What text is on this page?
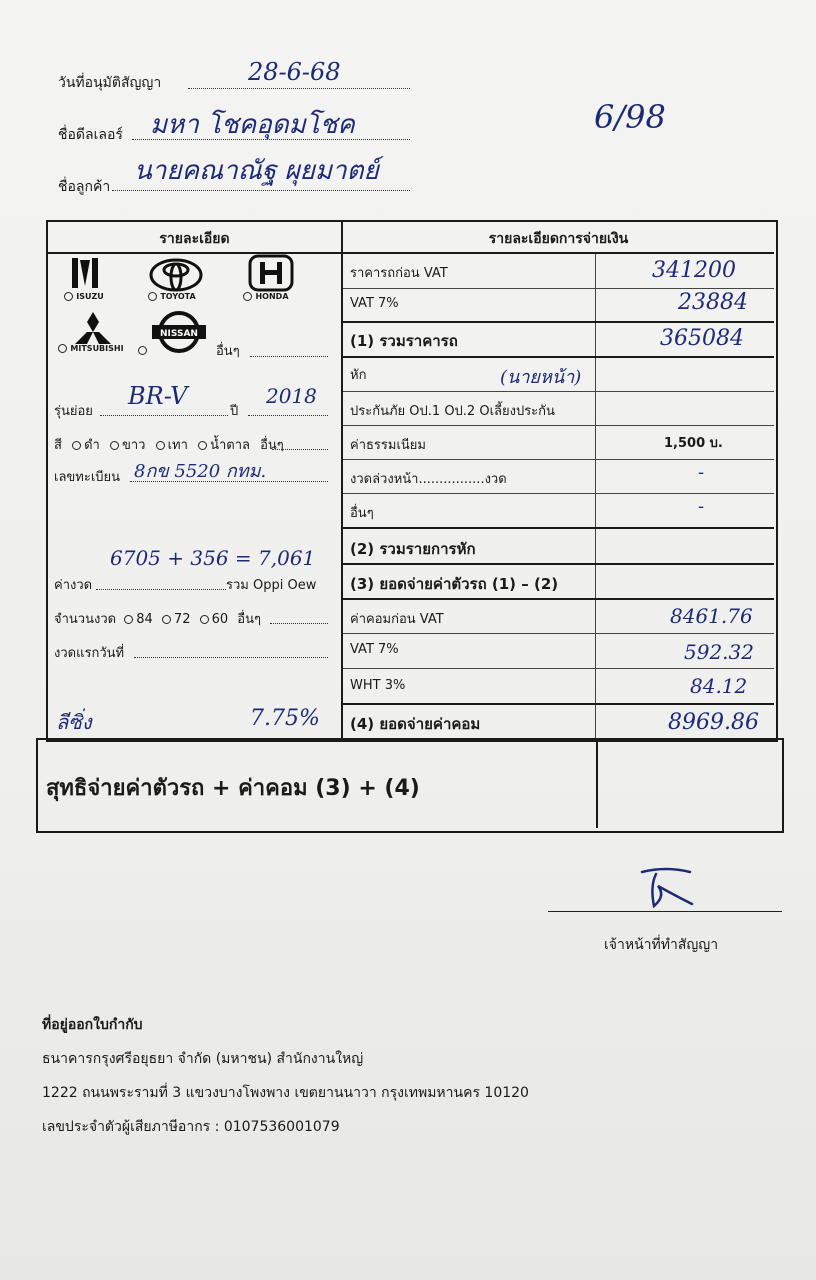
วันที่อนุมัติสัญญา	28-6-68
ชื่อดีลเลอร์ มหา โชคอุดมโชค
ชื่อลูกค้า
นายคณาณัฐ ผุยมาตย์
6/98
รายละเอียด	รายละเอียดการจ่ายเงิน
ISUZU	TOYOTA	HONDA
MITSUBISHI
NISSAN
อื่นๆ
รุ่นย่อย
BR-V
ปี
2018
สี ดำ ขาว เทา น้ำตาล อื่นๆ
เลขทะเบียน 8กข 5520 กทม.
6705 + 356 = 7,061
ค่างวด	รวม Oppi Oew
จำนวนงวด 84 72 60 อื่นๆ
งวดแรกวันที่
ลีซิ่ง	7.75%
ราคารถก่อน VAT	341200
VAT 7%	23884
(1) รวมราคารถ	365084
หัก	(นายหน้า)
ประกันภัย Oป.1 Oป.2 Oเลี้ยงประกัน
ค่าธรรมเนียม	1,500 บ.
งวดล่วงหน้า................งวด	-
อื่นๆ	-
(2) รวมรายการหัก
(3) ยอดจ่ายค่าตัวรถ (1) – (2)
ค่าคอมก่อน VAT	8461.76
VAT 7%	592.32
WHT 3%	84.12
(4) ยอดจ่ายค่าคอม	8969.86
สุทธิจ่ายค่าตัวรถ + ค่าคอม (3) + (4)
เจ้าหน้าที่ทำสัญญา
ที่อยู่ออกใบกำกับ
ธนาคารกรุงศรีอยุธยา จำกัด (มหาชน) สำนักงานใหญ่
1222 ถนนพระรามที่ 3 แขวงบางโพงพาง เขตยานนาวา กรุงเทพมหานคร 10120
เลขประจำตัวผู้เสียภาษีอากร : 0107536001079
